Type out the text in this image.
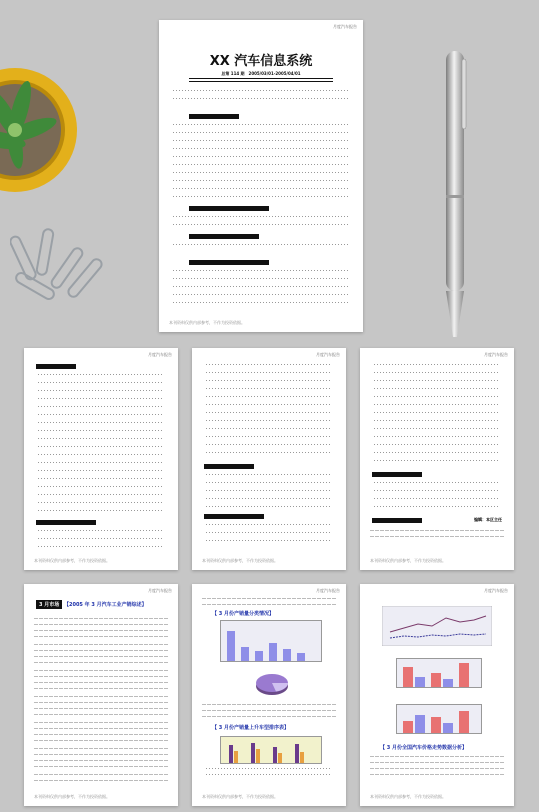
月度汽车报告
XX 汽车信息系统
总第 114 期　2005/03/01-2005/04/01
本刊资料仅供内部参考，不作为投资依据。
月度汽车报告
本刊资料仅供内部参考，不作为投资依据。
月度汽车报告
本刊资料仅供内部参考，不作为投资依据。
月度汽车报告
编辑：本区主任
本刊资料仅供内部参考，不作为投资依据。
月度汽车报告
3 月市场 【2005 年 3 月汽车工业产销综述】
本刊资料仅供内部参考，不作为投资依据。
月度汽车报告
【 3 月份产销量分类情况】
【 3 月份产销量上升车型排序表】
本刊资料仅供内部参考，不作为投资依据。
月度汽车报告
【 3 月份全国汽车价格走势数据分析】
本刊资料仅供内部参考，不作为投资依据。
